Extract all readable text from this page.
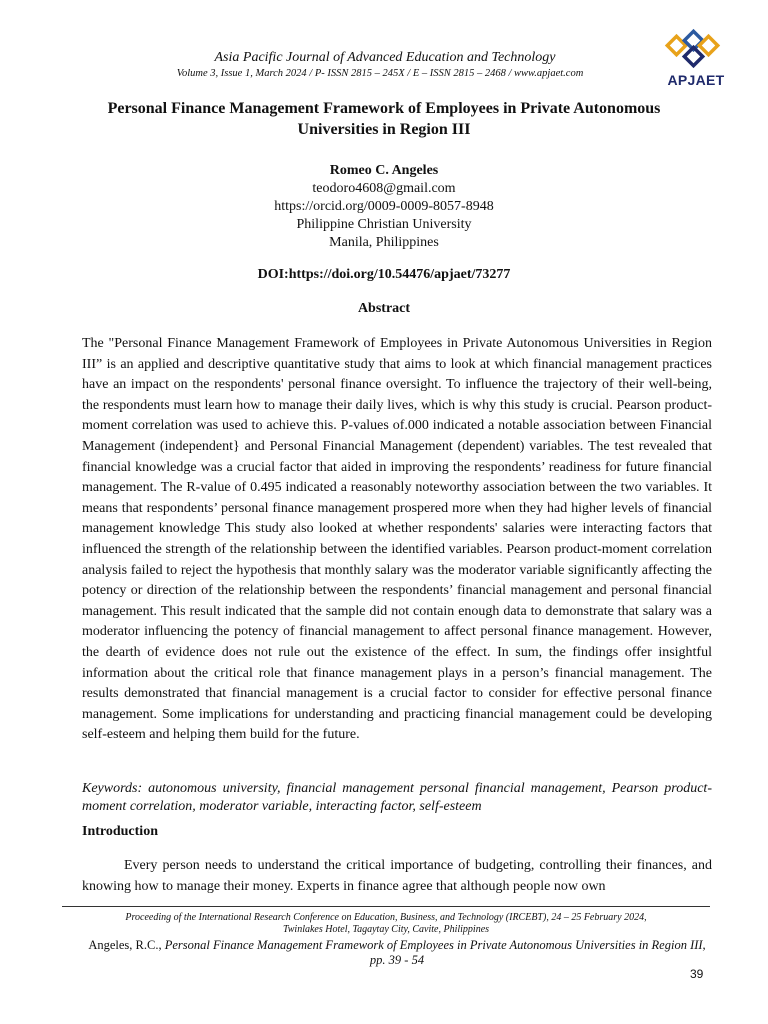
Asia Pacific Journal of Advanced Education and Technology
Volume 3, Issue 1, March 2024 / P- ISSN 2815 – 245X / E – ISSN 2815 – 2468 / www.apjaet.com	APJAET
Personal Finance Management Framework of Employees in Private Autonomous Universities in Region III
Romeo C. Angeles
teodoro4608@gmail.com
https://orcid.org/0009-0009-8057-8948
Philippine Christian University
Manila, Philippines
DOI:https://doi.org/10.54476/apjaet/73277
Abstract

The "Personal Finance Management Framework of Employees in Private Autonomous Universities in Region III” is an applied and descriptive quantitative study that aims to look at which financial management practices have an impact on the respondents' personal finance oversight. To influence the trajectory of their well-being, the respondents must learn how to manage their daily lives, which is why this study is crucial. Pearson product-moment correlation was used to achieve this. P-values of.000 indicated a notable association between Financial Management (independent} and Personal Financial Management (dependent) variables. The test revealed that financial knowledge was a crucial factor that aided in improving the respondents’ readiness for future financial management. The R-value of 0.495 indicated a reasonably noteworthy association between the two variables. It means that respondents’ personal finance management prospered more when they had higher levels of financial management knowledge This study also looked at whether respondents' salaries were interacting factors that influenced the strength of the relationship between the identified variables. Pearson product-moment correlation analysis failed to reject the hypothesis that monthly salary was the moderator variable significantly affecting the potency or direction of the relationship between the respondents’ financial management and personal financial management. This result indicated that the sample did not contain enough data to demonstrate that salary was a moderator influencing the potency of financial management to affect personal finance management. However, the dearth of evidence does not rule out the existence of the effect. In sum, the findings offer insightful information about the critical role that finance management plays in a person’s financial management. The results demonstrated that financial management is a crucial factor to consider for effective personal finance management. Some implications for understanding and practicing financial management could be developing self-esteem and helping them build for the future.

Keywords: autonomous university, financial management personal financial management, Pearson product-moment correlation, moderator variable, interacting factor, self-esteem

Introduction

Every person needs to understand the critical importance of budgeting, controlling their finances, and knowing how to manage their money. Experts in finance agree that although people now own

Proceeding of the International Research Conference on Education, Business, and Technology (IRCEBT), 24 – 25 February 2024,
Twinlakes Hotel, Tagaytay City, Cavite, Philippines
Angeles, R.C., Personal Finance Management Framework of Employees in Private Autonomous Universities in Region III,
pp. 39 - 54
39
